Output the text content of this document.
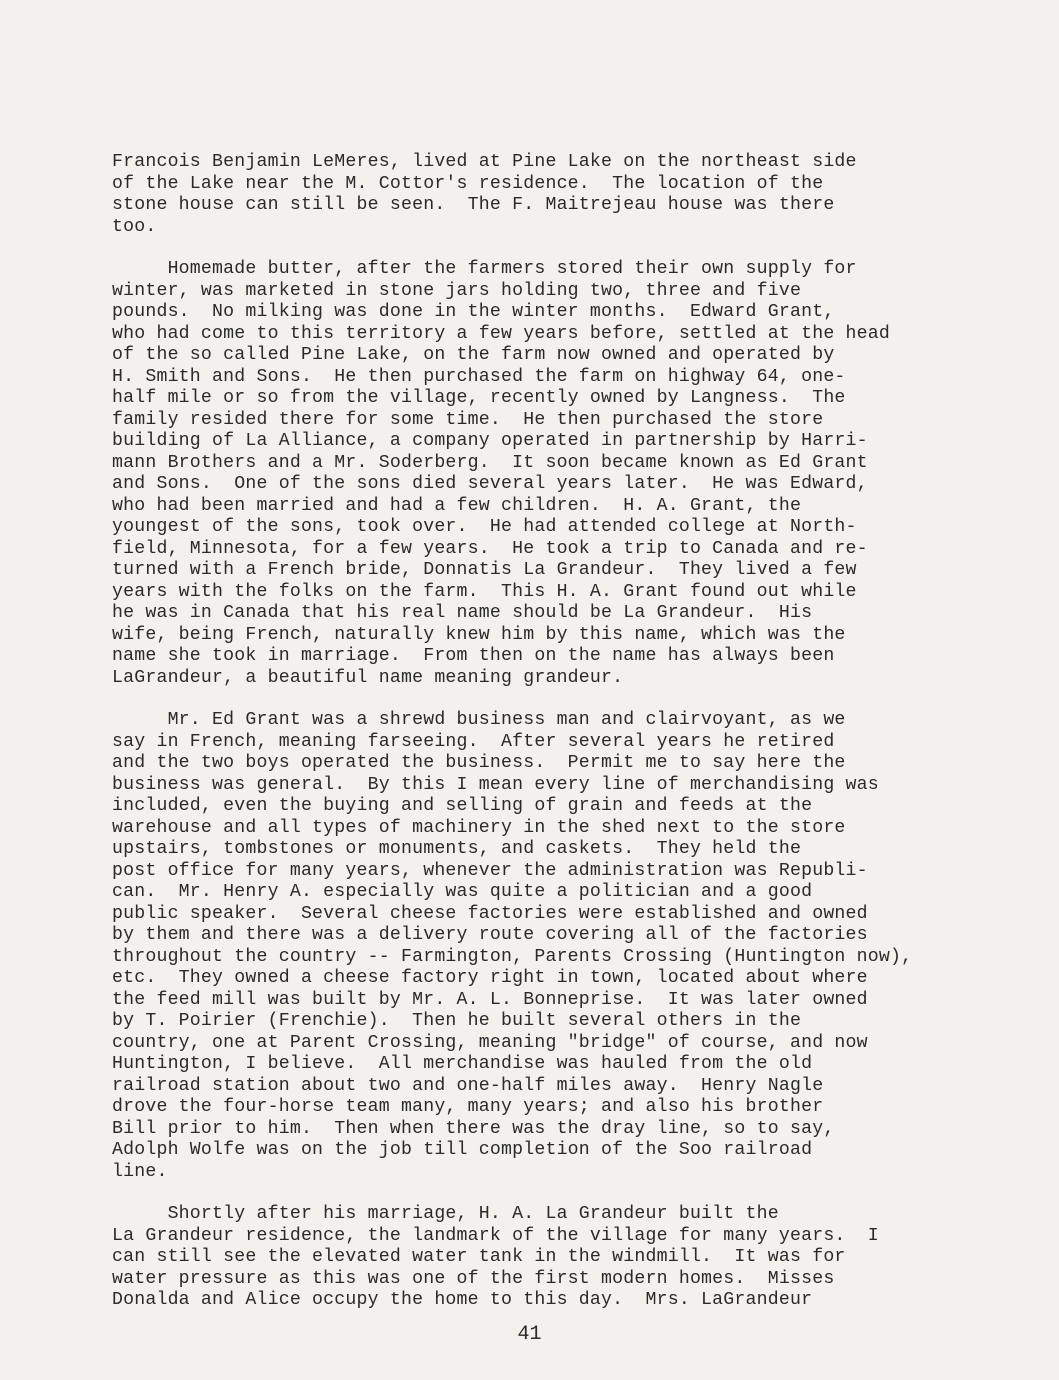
Francois Benjamin LeMeres, lived at Pine Lake on the northeast side
of the Lake near the M. Cottor's residence.  The location of the
stone house can still be seen.  The F. Maitrejeau house was there
too.
Homemade butter, after the farmers stored their own supply for
winter, was marketed in stone jars holding two, three and five
pounds.  No milking was done in the winter months.  Edward Grant,
who had come to this territory a few years before, settled at the head
of the so called Pine Lake, on the farm now owned and operated by
H. Smith and Sons.  He then purchased the farm on highway 64, one-
half mile or so from the village, recently owned by Langness.  The
family resided there for some time.  He then purchased the store
building of La Alliance, a company operated in partnership by Harri-
mann Brothers and a Mr. Soderberg.  It soon became known as Ed Grant
and Sons.  One of the sons died several years later.  He was Edward,
who had been married and had a few children.  H. A. Grant, the
youngest of the sons, took over.  He had attended college at North-
field, Minnesota, for a few years.  He took a trip to Canada and re-
turned with a French bride, Donnatis La Grandeur.  They lived a few
years with the folks on the farm.  This H. A. Grant found out while
he was in Canada that his real name should be La Grandeur.  His
wife, being French, naturally knew him by this name, which was the
name she took in marriage.  From then on the name has always been
LaGrandeur, a beautiful name meaning grandeur.
Mr. Ed Grant was a shrewd business man and clairvoyant, as we
say in French, meaning farseeing.  After several years he retired
and the two boys operated the business.  Permit me to say here the
business was general.  By this I mean every line of merchandising was
included, even the buying and selling of grain and feeds at the
warehouse and all types of machinery in the shed next to the store
upstairs, tombstones or monuments, and caskets.  They held the
post office for many years, whenever the administration was Republi-
can.  Mr. Henry A. especially was quite a politician and a good
public speaker.  Several cheese factories were established and owned
by them and there was a delivery route covering all of the factories
throughout the country -- Farmington, Parents Crossing (Huntington now),
etc.  They owned a cheese factory right in town, located about where
the feed mill was built by Mr. A. L. Bonneprise.  It was later owned
by T. Poirier (Frenchie).  Then he built several others in the
country, one at Parent Crossing, meaning "bridge" of course, and now
Huntington, I believe.  All merchandise was hauled from the old
railroad station about two and one-half miles away.  Henry Nagle
drove the four-horse team many, many years; and also his brother
Bill prior to him.  Then when there was the dray line, so to say,
Adolph Wolfe was on the job till completion of the Soo railroad
line.
Shortly after his marriage, H. A. La Grandeur built the
La Grandeur residence, the landmark of the village for many years.  I
can still see the elevated water tank in the windmill.  It was for
water pressure as this was one of the first modern homes.  Misses
Donalda and Alice occupy the home to this day.  Mrs. LaGrandeur
41
